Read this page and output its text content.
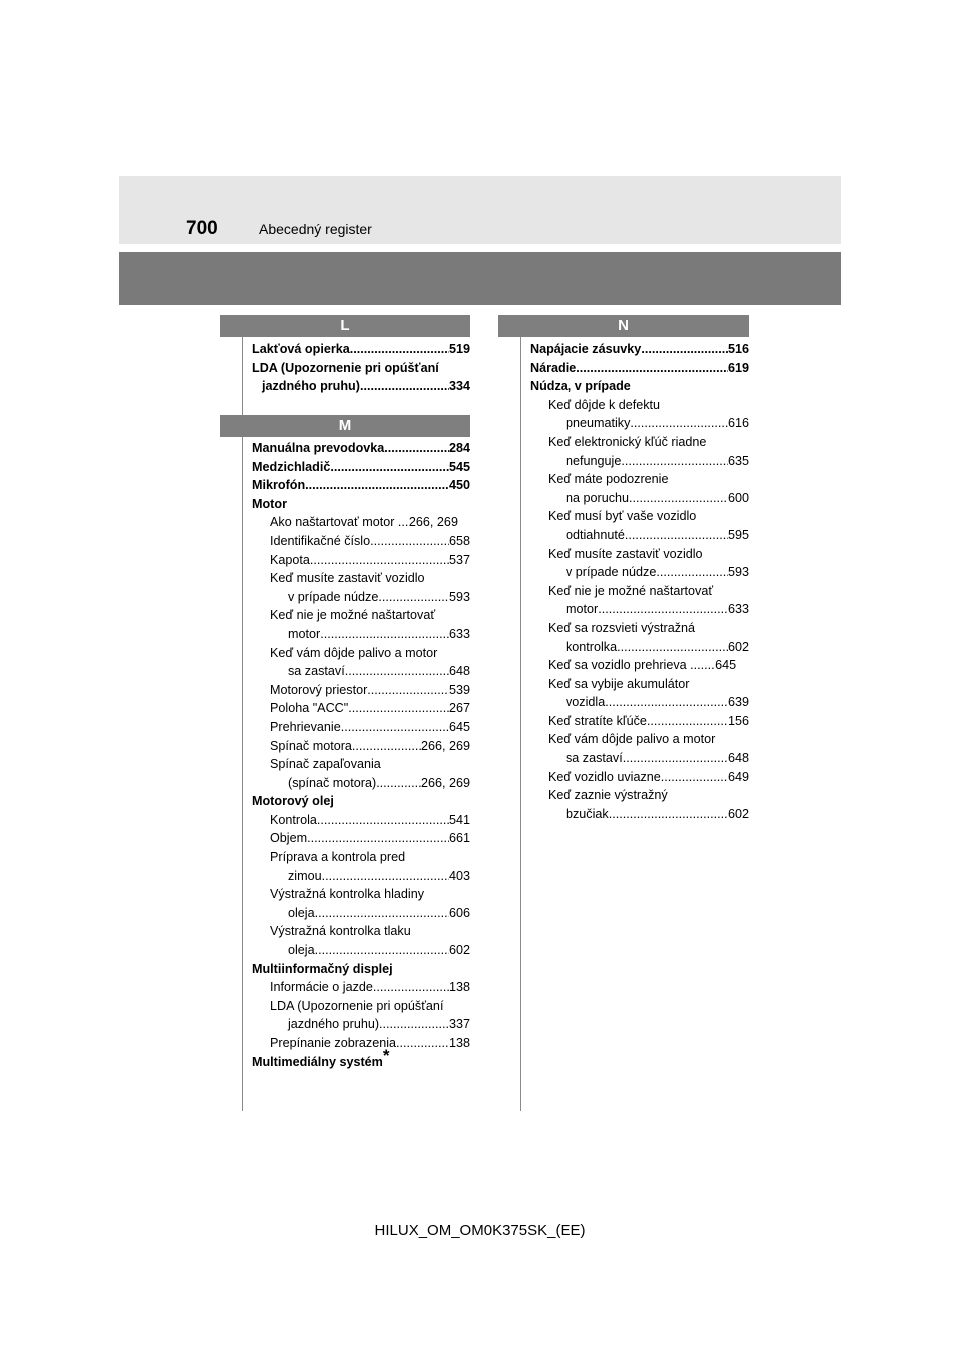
700	Abecedný register
L
Lakťová opierka .....	519
LDA (Upozornenie pri opúšťaní
jazdného pruhu) .....	334
M
Manuálna prevodovka .....	284
Medzichladič .....	545
Mikrofón .....	450
Motor
Ako naštartovať motor .. ..... 266, 269
Identifikačné číslo .....	658
Kapota .....	537
Keď musíte zastaviť vozidlo
v prípade núdze .....	593
Keď nie je možné naštartovať
motor .....	633
Keď vám dôjde palivo a motor
sa zastaví .....	648
Motorový priestor .....	539
Poloha "ACC" .....	267
Prehrievanie .....	645
Spínač motora .....	266, 269
Spínač zapaľovania
(spínač motora) .....	266, 269
Motorový olej
Kontrola .....	541
Objem .....	661
Príprava a kontrola pred
zimou .....	403
Výstražná kontrolka hladiny
oleja .....	606
Výstražná kontrolka tlaku
oleja .....	602
Multiinformačný displej
Informácie o jazde .....	138
LDA (Upozornenie pri opúšťaní
jazdného pruhu) .....	337
Prepínanie zobrazenia .....	138
Multimediálny systém *
N
Napájacie zásuvky .....	516
Náradie .....	619
Núdza, v prípade
Keď dôjde k defektu
pneumatiky .....	616
Keď elektronický kľúč riadne
nefunguje .....	635
Keď máte podozrenie
na poruchu .....	600
Keď musí byť vaše vozidlo
odtiahnuté .....	595
Keď musíte zastaviť vozidlo
v prípade núdze .....	593
Keď nie je možné naštartovať
motor .....	633
Keď sa rozsvieti výstražná
kontrolka .....	602
Keď sa vozidlo prehrieva ...... ..... 645
Keď sa vybije akumulátor
vozidla .....	639
Keď stratíte kľúče .....	156
Keď vám dôjde palivo a motor
sa zastaví .....	648
Keď vozidlo uviazne .....	649
Keď zaznie výstražný
bzučiak .....	602
HILUX_OM_OM0K375SK_(EE)
